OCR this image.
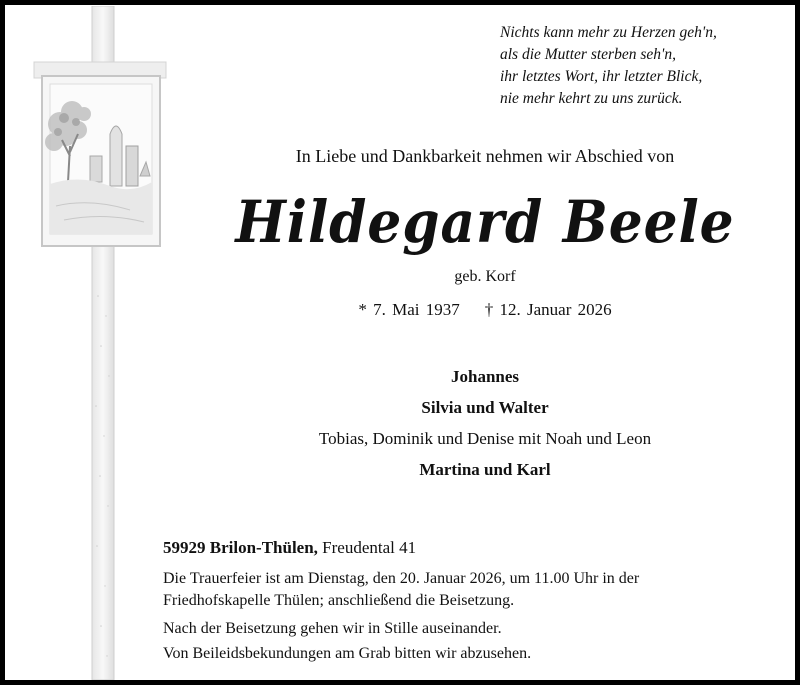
Nichts kann mehr zu Herzen geh'n,
als die Mutter sterben seh'n,
ihr letztes Wort, ihr letzter Blick,
nie mehr kehrt zu uns zurück.
In Liebe und Dankbarkeit nehmen wir Abschied von
Hildegard Beele
geb. Korf
* 7. Mai 1937 † 12. Januar 2026
Johannes
Silvia und Walter
Tobias, Dominik und Denise mit Noah und Leon
Martina und Karl
59929 Brilon-Thülen, Freudental 41
Die Trauerfeier ist am Dienstag, den 20. Januar 2026, um 11.00 Uhr in der
Friedhofskapelle Thülen; anschließend die Beisetzung.
Nach der Beisetzung gehen wir in Stille auseinander.
Von Beileidsbekundungen am Grab bitten wir abzusehen.
